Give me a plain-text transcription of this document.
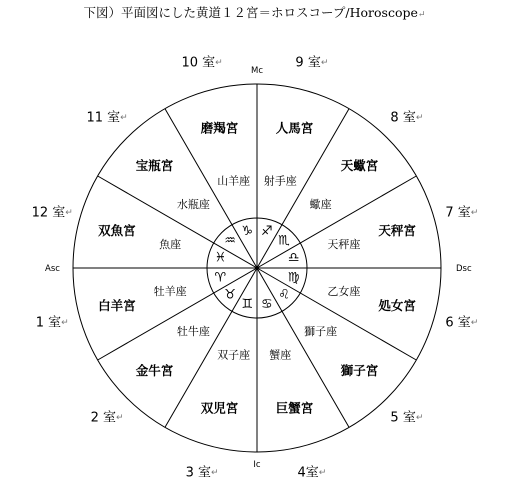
下図）平面図にした黄道１２宮＝ホロスコープ/Horoscope↵
1 室↵
白羊宮
牡羊座
♈︎
2 室↵
金牛宮
牡牛座
♉︎
3 室↵
双児宮
双子座
♊︎
4室↵
巨蟹宮
蟹座
♋︎
5 室↵
獅子宮
獅子座
♌︎
6 室↵
処女宮
乙女座
♍︎
7 室↵
天秤宮
天秤座
♎︎
8 室↵
天蠍宮
蠍座
♏︎
9 室↵
人馬宮
射手座
♐︎
10 室↵
磨羯宮
山羊座
♑︎
11 室↵
宝瓶宮
水瓶座
♒︎
12 室↵
双魚宮
魚座
♓︎
Mc
Ic
Asc	Dsc
